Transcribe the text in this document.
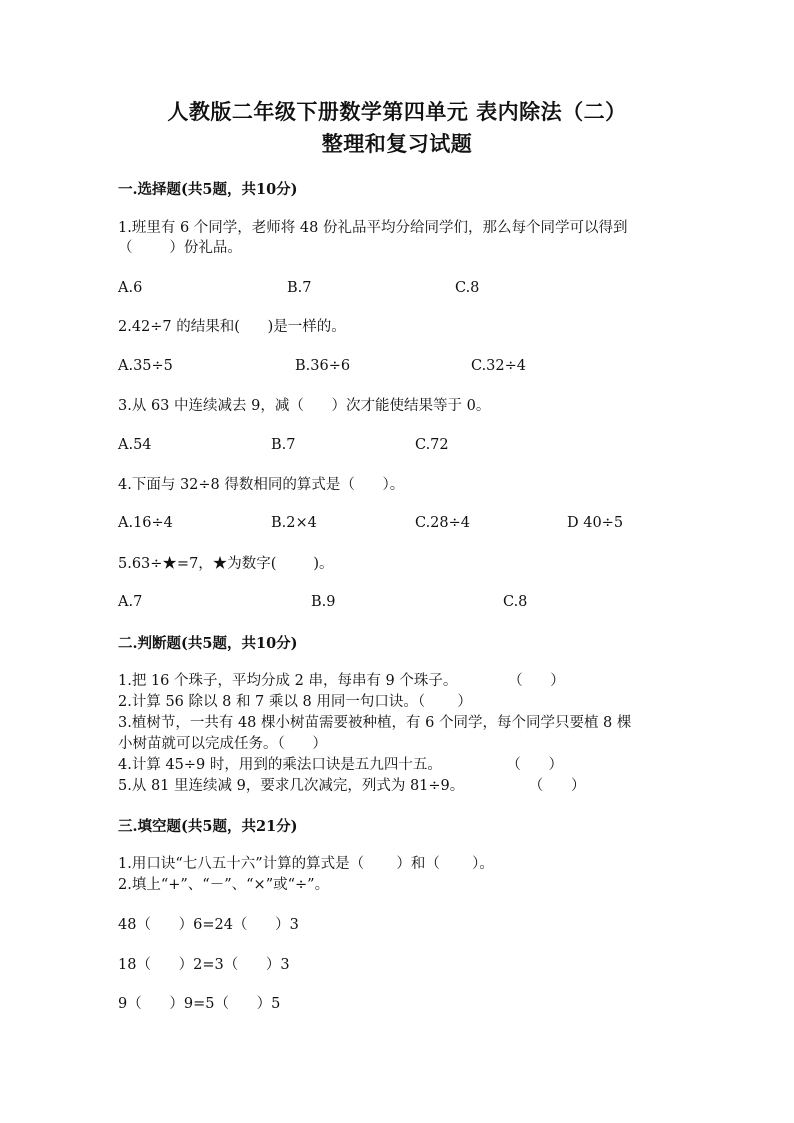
人教版二年级下册数学第四单元 表内除法（二）
整理和复习试题
一.选择题(共5题，共10分)
1.班里有 6 个同学，老师将 48 份礼品平均分给同学们，那么每个同学可以得到
（        ）份礼品。
A.6	B.7	C.8
2.42÷7 的结果和(      )是一样的。
A.35÷5	B.36÷6	C.32÷4
3.从 63 中连续减去 9，减（      ）次才能使结果等于 0。
A.54	B.7	C.72
4.下面与 32÷8 得数相同的算式是（      ）。
A.16÷4	B.2×4	C.28÷4	D 40÷5
5.63÷★=7，★为数字(        )。
A.7	B.9	C.8
二.判断题(共5题，共10分)
1.把 16 个珠子，平均分成 2 串，每串有 9 个珠子。           （      ）
2.计算 56 除以 8 和 7 乘以 8 用同一句口诀。（       ）
3.植树节，一共有 48 棵小树苗需要被种植，有 6 个同学，每个同学只要植 8 棵
小树苗就可以完成任务。（      ）
4.计算 45÷9 时，用到的乘法口诀是五九四十五。              （      ）
5.从 81 里连续减 9，要求几次减完，列式为 81÷9。              （      ）
三.填空题(共5题，共21分)
1.用口诀“七八五十六”计算的算式是（       ）和（       ）。
2.填上“+”、“－”、“×”或“÷”。
48（      ）6=24（      ）3
18（      ）2=3（      ）3
9（      ）9=5（      ）5
